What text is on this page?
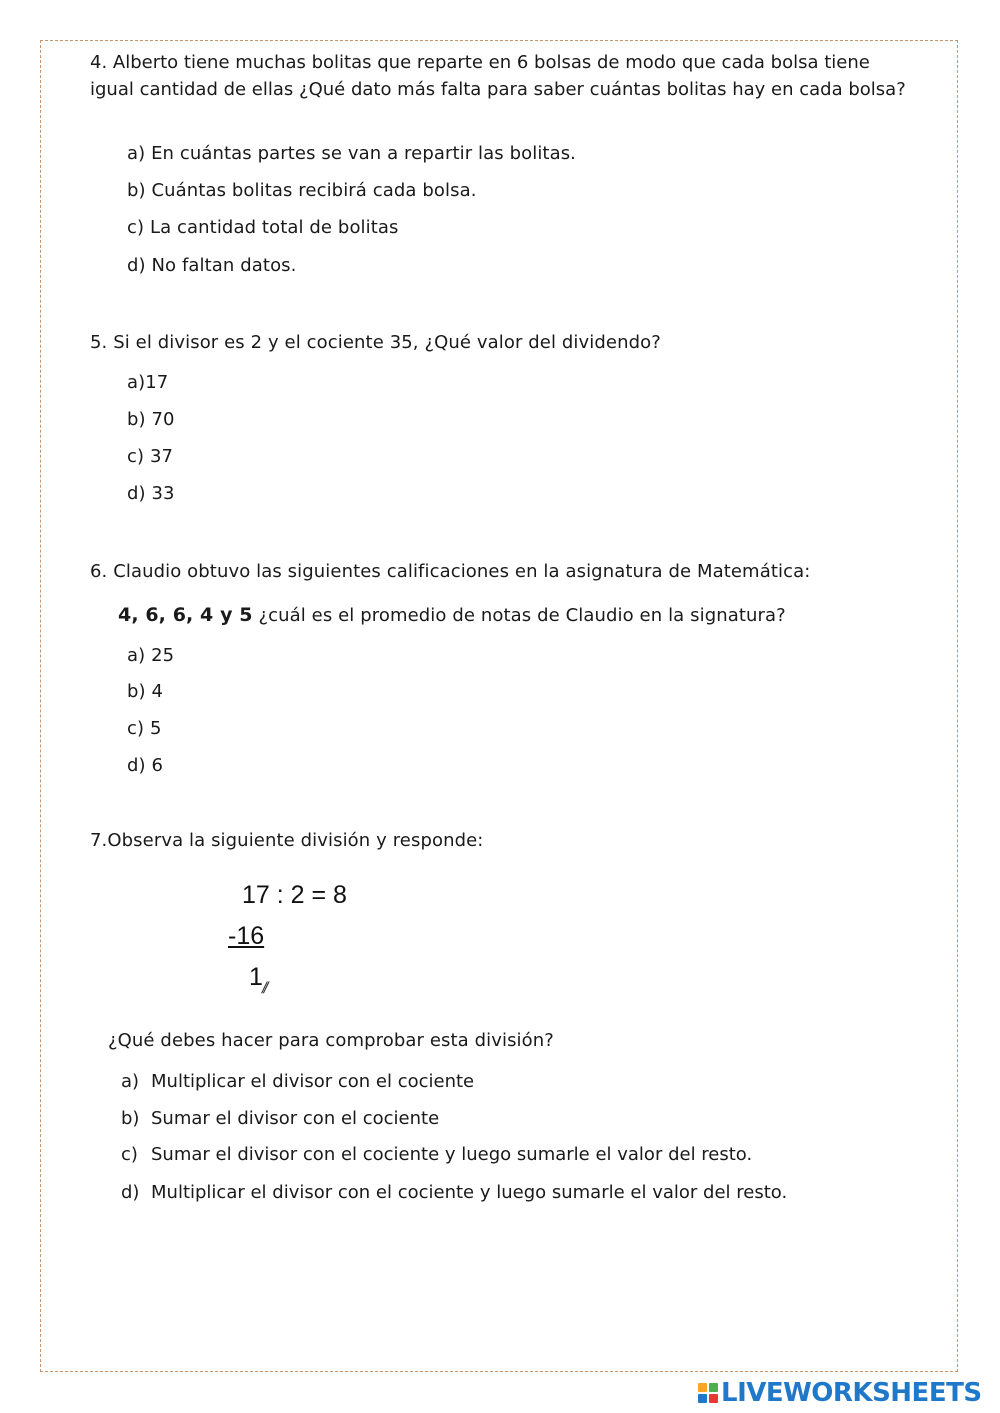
4. Alberto tiene muchas bolitas que reparte en 6 bolsas de modo que cada bolsa tiene igual cantidad de ellas ¿Qué dato más falta para saber cuántas bolitas hay en cada bolsa?
a) En cuántas partes se van a repartir las bolitas.
b) Cuántas bolitas recibirá cada bolsa.
c) La cantidad total de bolitas
d) No faltan datos.
5. Si el divisor es 2 y el cociente 35, ¿Qué valor del dividendo?
a)17
b) 70
c) 37
d) 33
6. Claudio obtuvo las siguientes calificaciones en la asignatura de Matemática:
4, 6, 6, 4 y 5 ¿cuál es el promedio de notas de Claudio en la signatura?
a) 25
b) 4
c) 5
d) 6
7.Observa la siguiente división y responde:
17 : 2 = 8
-16
1 //
¿Qué debes hacer para comprobar esta división?
a) Multiplicar el divisor con el cociente
b) Sumar el divisor con el cociente
c) Sumar el divisor con el cociente y luego sumarle el valor del resto.
d) Multiplicar el divisor con el cociente y luego sumarle el valor del resto.
LIVEWORKSHEETS
